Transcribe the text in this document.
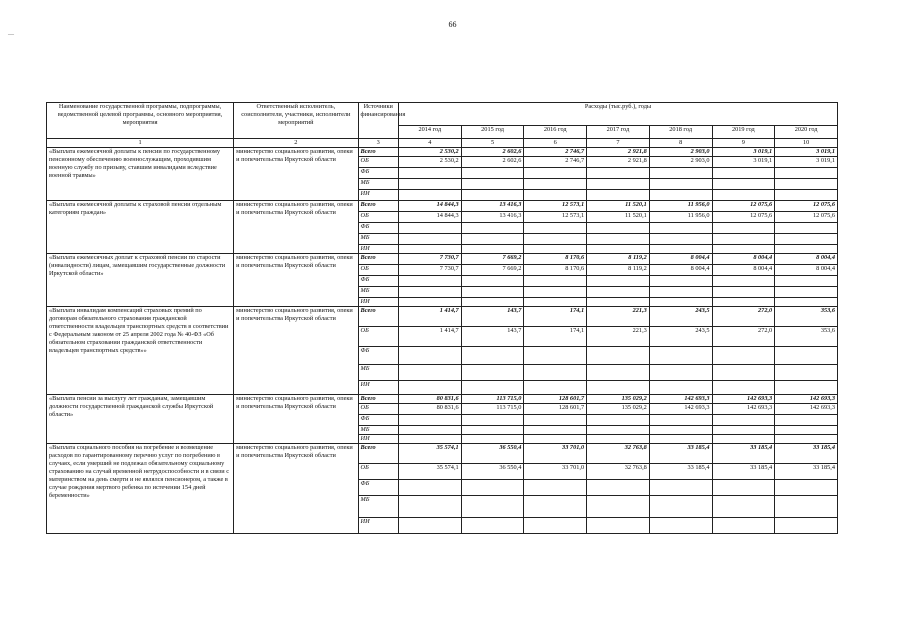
66
—
Наименование государственной программы, подпрограммы, ведомственной целевой программы, основного мероприятия, мероприятия	Ответственный исполнитель, соисполнители, участники, исполнители мероприятий	Источники финансирования	Расходы (тыс.руб.), годы						
			2014 год	2015 год	2016 год	2017 год	2018 год	2019 год	2020 год
1	2	3	4	5	6	7	8	9	10
«Выплата ежемесячной доплаты к пенсии по государственному пенсионному обеспечению военнослужащим, проходившим военную службу по призыву, ставшим инвалидами вследствие военной травмы»	министерство социального развития, опеки и попечительства Иркутской области	Всего	2 530,2	2 602,6	2 746,7	2 921,8	2 903,0	3 019,1	3 019,1
		ОБ	2 530,2	2 602,6	2 746,7	2 921,8	2 903,0	3 019,1	3 019,1
		ФБ							
		МБ							
		ИИ							
«Выплата ежемесячной доплаты к страховой пенсии отдельным категориям граждан»	министерство социального развития, опеки и попечительства Иркутской области	Всего	14 844,3	13 416,3	12 573,1	11 520,1	11 956,0	12 075,6	12 075,6
		ОБ	14 844,3	13 416,3	12 573,1	11 520,1	11 956,0	12 075,6	12 075,6
		ФБ							
		МБ							
		ИИ							
«Выплата ежемесячных доплат к страховой пенсии по старости (инвалидности) лицам, замещавшим государственные должности Иркутской области»	министерство социального развития, опеки и попечительства Иркутской области	Всего	7 730,7	7 669,2	8 170,6	8 119,2	8 004,4	8 004,4	8 004,4
		ОБ	7 730,7	7 669,2	8 170,6	8 119,2	8 004,4	8 004,4	8 004,4
		ФБ							
		МБ							
		ИИ							
«Выплата инвалидам компенсаций страховых премий по договорам обязательного страхования гражданской ответственности владельцев транспортных средств в соответствии с Федеральным законом от 25 апреля 2002 года № 40-ФЗ «Об обязательном страховании гражданской ответственности владельцев транспортных средств»»	министерство социального развития, опеки и попечительства Иркутской области	Всего	1 414,7	143,7	174,1	221,3	243,5	272,0	353,6
		ОБ	1 414,7	143,7	174,1	221,3	243,5	272,0	353,6
		ФБ							
		МБ							
		ИИ							
«Выплата пенсии за выслугу лет гражданам, замещавшим должности государственной гражданской службы Иркутской области»	министерство социального развития, опеки и попечительства Иркутской области	Всего	80 831,6	113 715,0	128 601,7	135 029,2	142 693,3	142 693,3	142 693,3
		ОБ	80 831,6	113 715,0	128 601,7	135 029,2	142 693,3	142 693,3	142 693,3
		ФБ							
		МБ							
		ИИ							
«Выплата социального пособия на погребение и возмещение расходов по гарантированному перечню услуг по погребению в случаях, если умерший не подлежал обязательному социальному страхованию на случай временной нетрудоспособности и в связи с материнством на день смерти и не являлся пенсионером, а также в случае рождения мертвого ребенка по истечении 154 дней беременности»	министерство социального развития, опеки и попечительства Иркутской области	Всего	35 574,1	36 550,4	33 701,0	32 763,8	33 185,4	33 185,4	33 185,4
		ОБ	35 574,1	36 550,4	33 701,0	32 763,8	33 185,4	33 185,4	33 185,4
		ФБ							
		МБ							
		ИИ							
